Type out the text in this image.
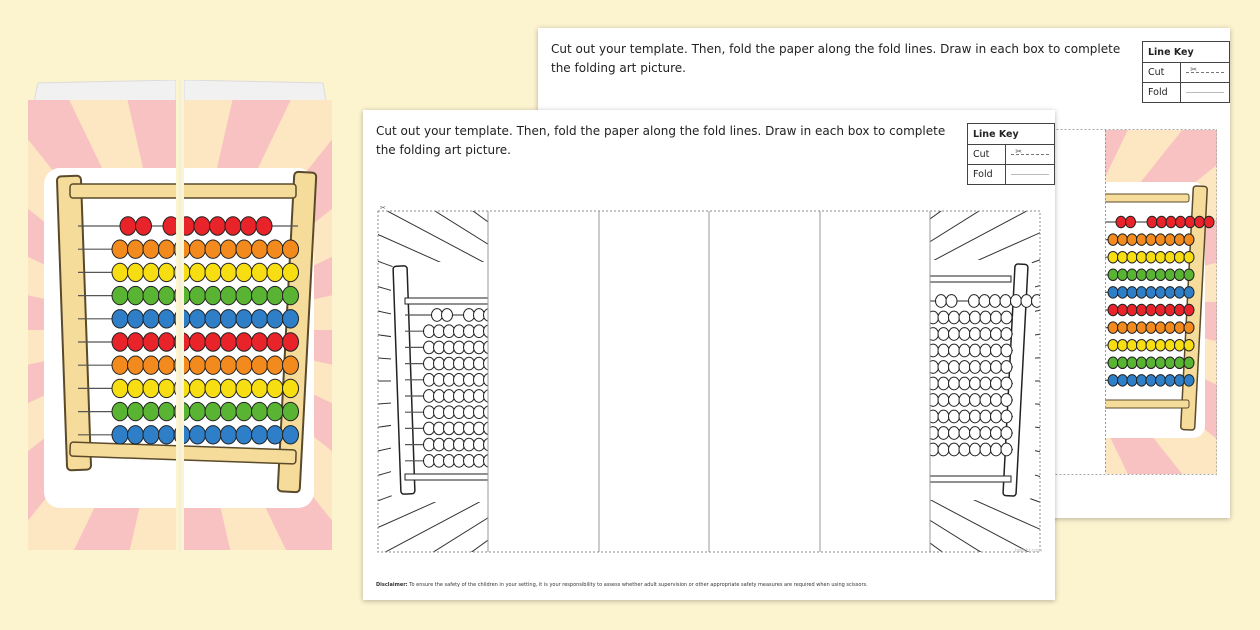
Cut out your template. Then, fold the paper along the fold lines. Draw in each box to complete the folding art picture.

Line Key	
Cut	✂

Fold	

Cut out your template. Then, fold the paper along the fold lines. Draw in each box to complete the folding art picture.

Line Key	
Cut	✂

Fold	
✂

Disclaimer: To ensure the safety of the children in your setting, it is your responsibility to assess whether adult supervision or other appropriate safety measures are required when using scissors.

twinkl.com
